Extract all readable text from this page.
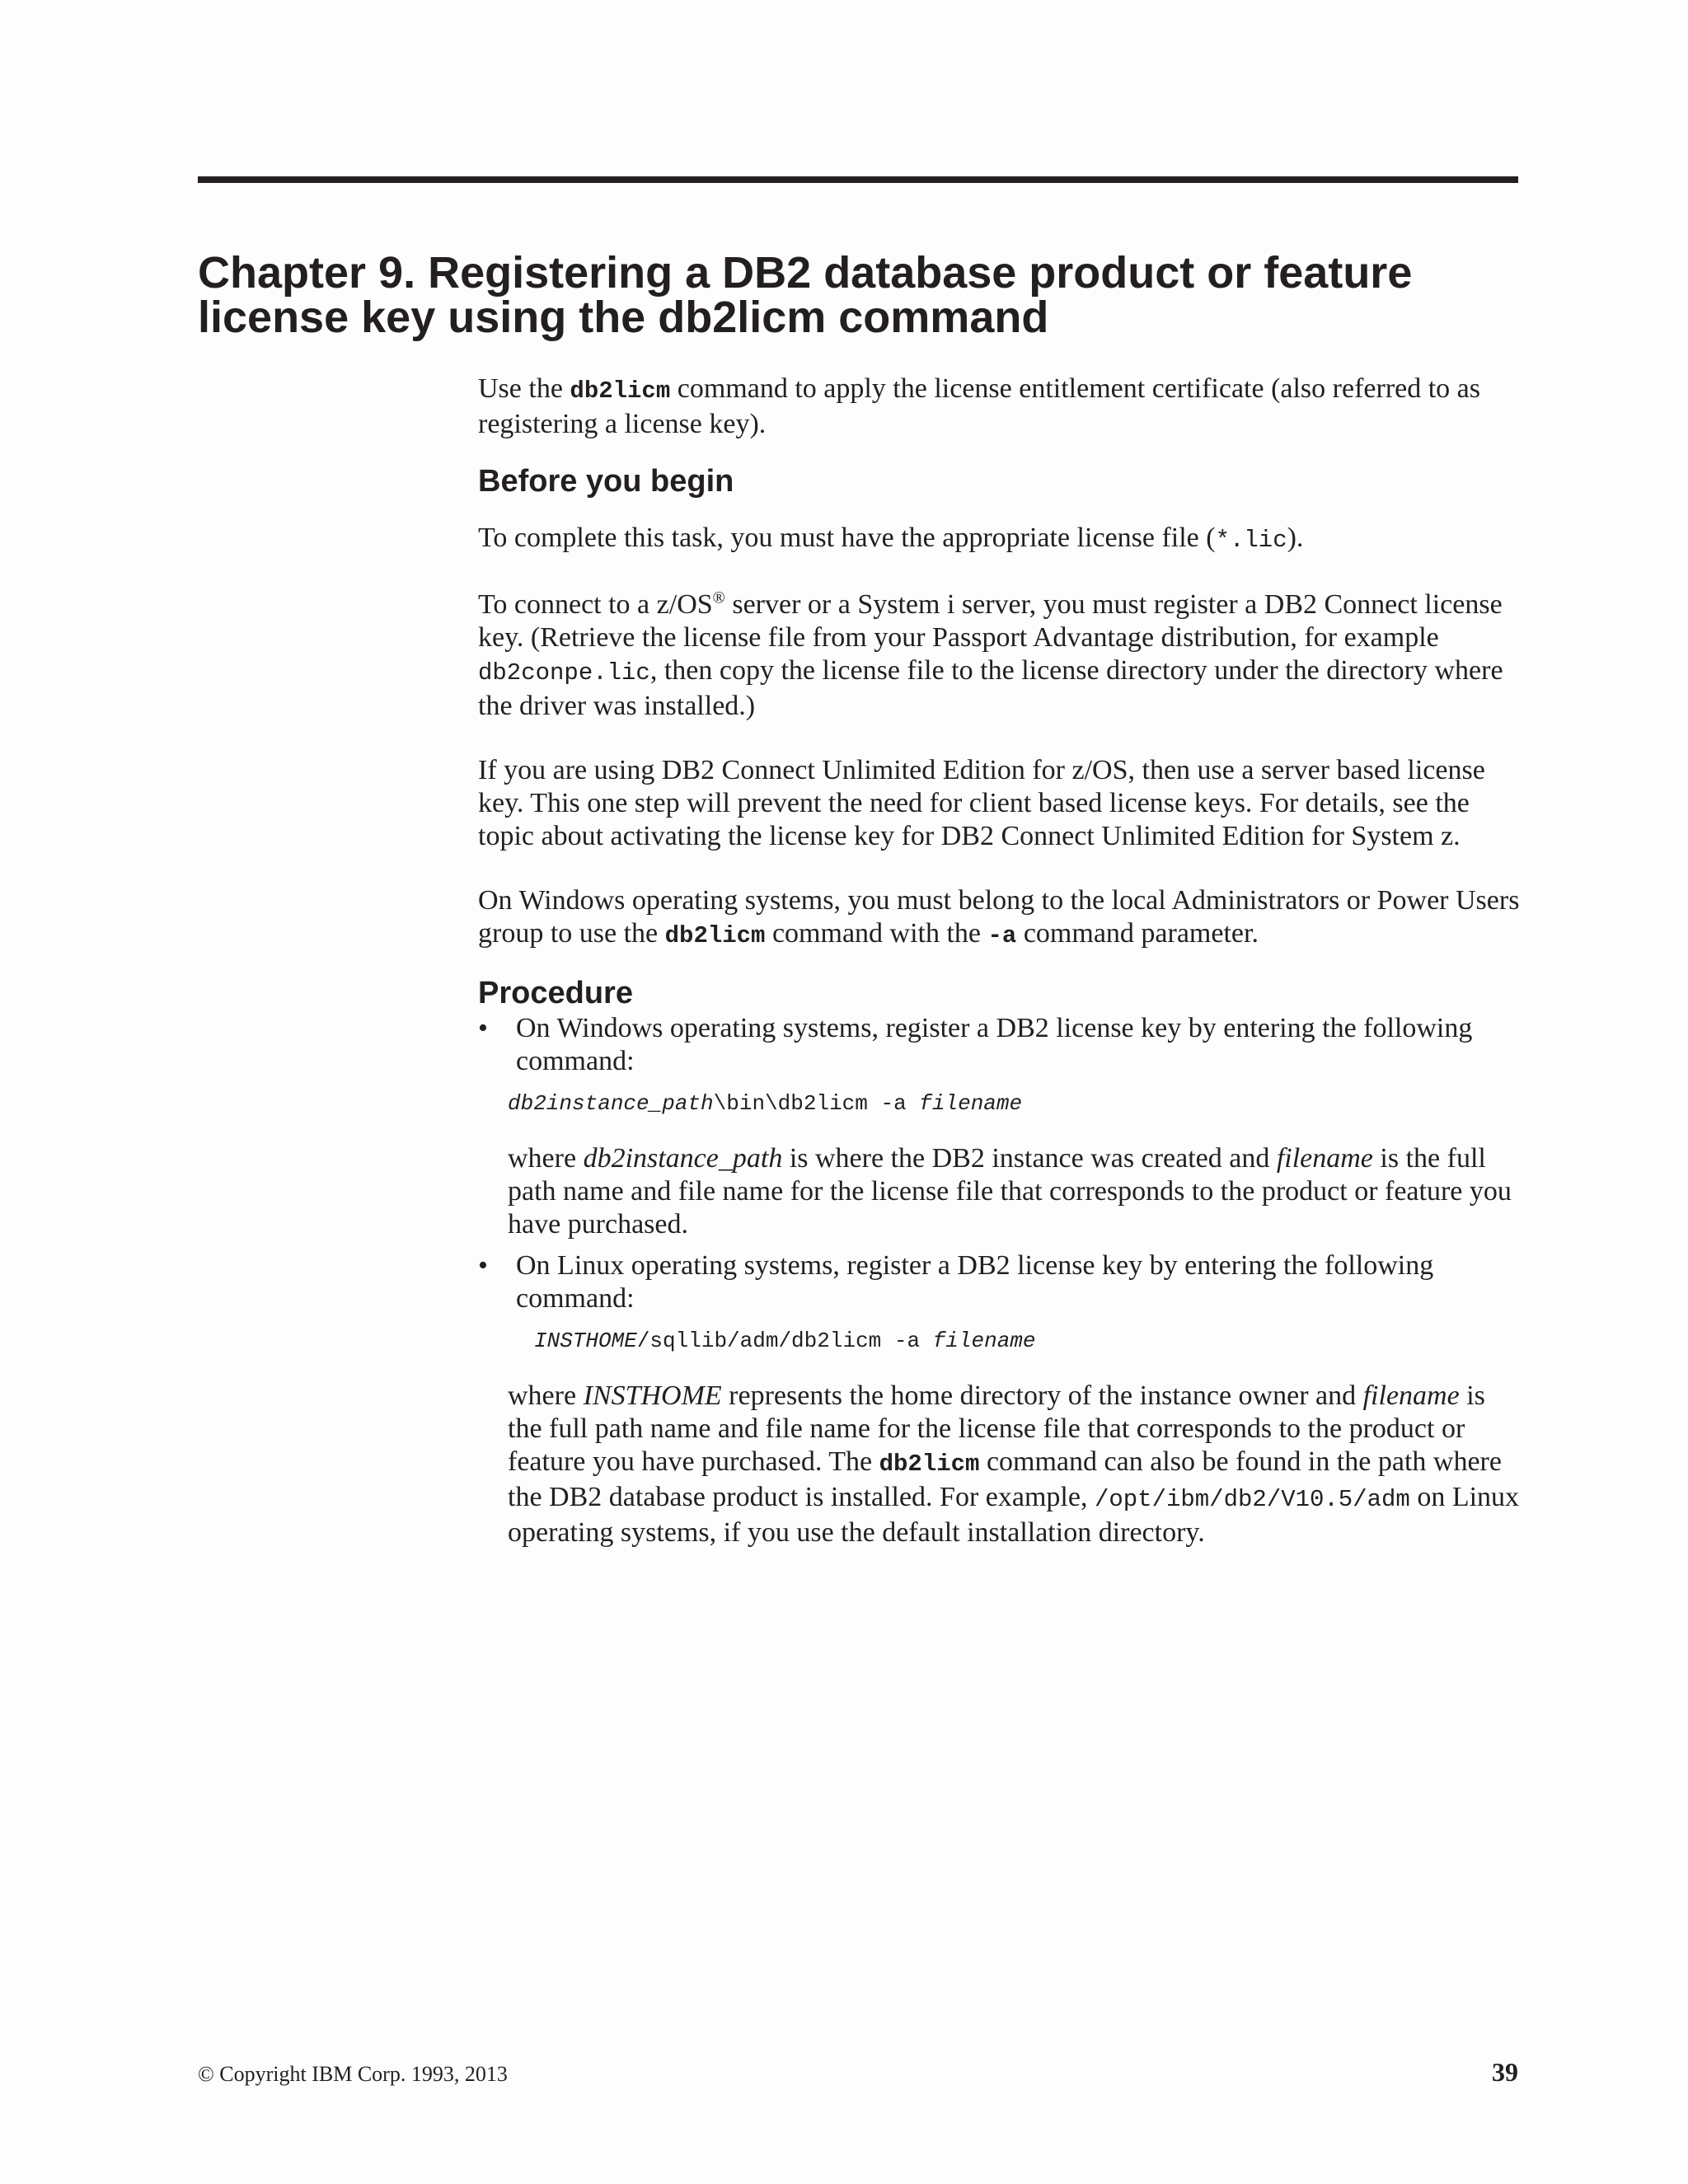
Chapter 9. Registering a DB2 database product or feature
license key using the db2licm command

Use the db2licm command to apply the license entitlement certificate (also referred to as registering a license key).

Before you begin

To complete this task, you must have the appropriate license file (*.lic).

To connect to a z/OS® server or a System i server, you must register a DB2 Connect license key. (Retrieve the license file from your Passport Advantage distribution, for example db2conpe.lic, then copy the license file to the license directory under the directory where the driver was installed.)

If you are using DB2 Connect Unlimited Edition for z/OS, then use a server based license key. This one step will prevent the need for client based license keys. For details, see the topic about activating the license key for DB2 Connect Unlimited Edition for System z.

On Windows operating systems, you must belong to the local Administrators or Power Users group to use the db2licm command with the -a command parameter.

Procedure
• On Windows operating systems, register a DB2 license key by entering the following command:

db2instance_path\bin\db2licm -a filename

where db2instance_path is where the DB2 instance was created and filename is the full path name and file name for the license file that corresponds to the product or feature you have purchased.

• On Linux operating systems, register a DB2 license key by entering the following command:

INSTHOME/sqllib/adm/db2licm -a filename

where INSTHOME represents the home directory of the instance owner and filename is the full path name and file name for the license file that corresponds to the product or feature you have purchased. The db2licm command can also be found in the path where the DB2 database product is installed. For example, /opt/ibm/db2/V10.5/adm on Linux operating systems, if you use the default installation directory.

© Copyright IBM Corp. 1993, 2013	39
